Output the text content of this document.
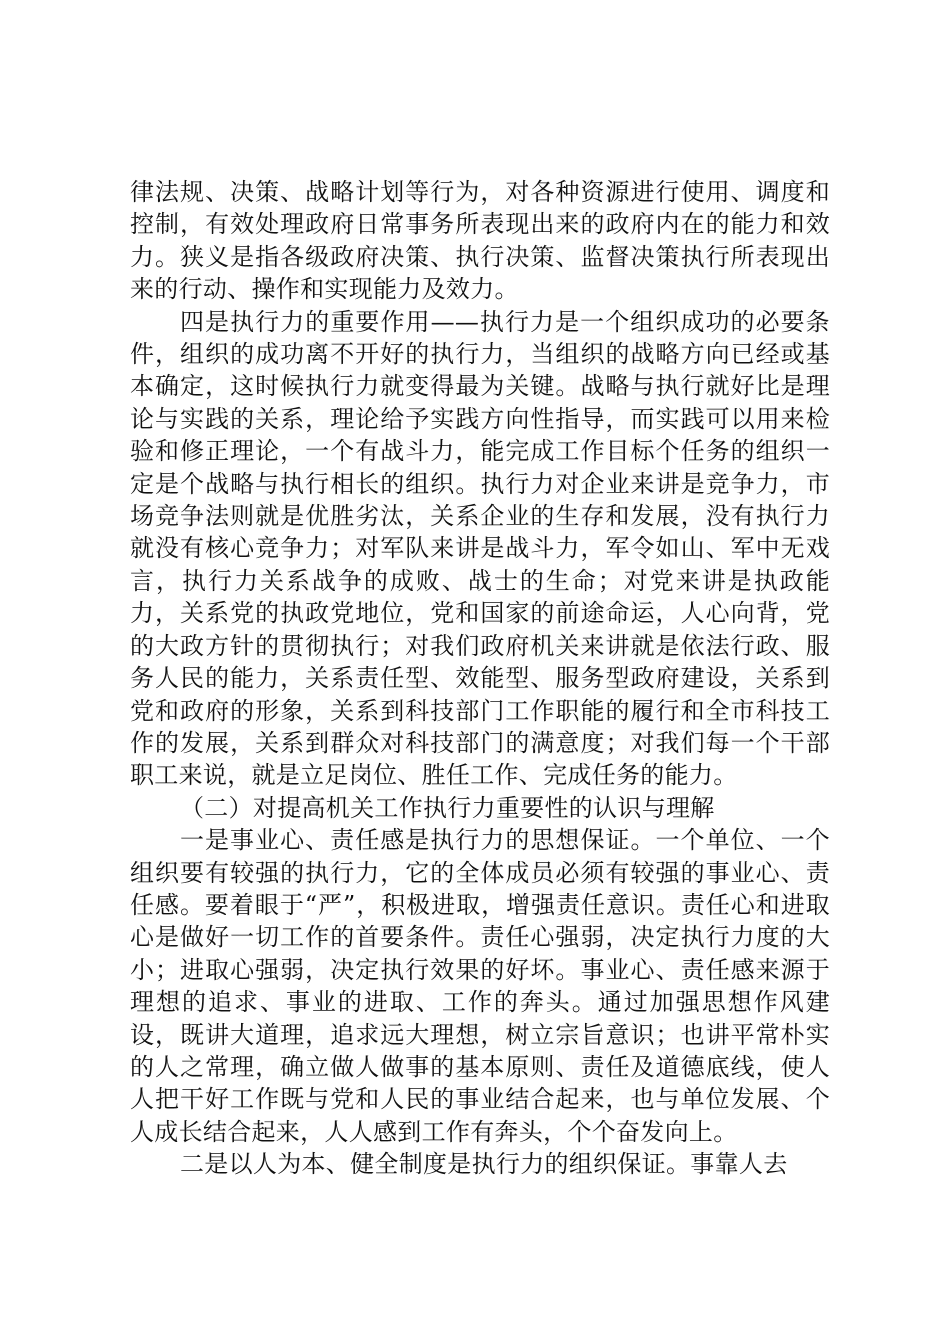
律法规、决策、战略计划等行为，对各种资源进行使用、调度和控制，有效处理政府日常事务所表现出来的政府内在的能力和效力。狭义是指各级政府决策、执行决策、监督决策执行所表现出来的行动、操作和实现能力及效力。

四是执行力的重要作用——执行力是一个组织成功的必要条件，组织的成功离不开好的执行力，当组织的战略方向已经或基本确定，这时候执行力就变得最为关键。战略与执行就好比是理论与实践的关系，理论给予实践方向性指导，而实践可以用来检验和修正理论，一个有战斗力，能完成工作目标个任务的组织一定是个战略与执行相长的组织。执行力对企业来讲是竞争力，市场竞争法则就是优胜劣汰，关系企业的生存和发展，没有执行力就没有核心竞争力；对军队来讲是战斗力，军令如山、军中无戏言，执行力关系战争的成败、战士的生命；对党来讲是执政能力，关系党的执政党地位，党和国家的前途命运，人心向背，党的大政方针的贯彻执行；对我们政府机关来讲就是依法行政、服务人民的能力，关系责任型、效能型、服务型政府建设，关系到党和政府的形象，关系到科技部门工作职能的履行和全市科技工作的发展，关系到群众对科技部门的满意度；对我们每一个干部职工来说，就是立足岗位、胜任工作、完成任务的能力。

（二）对提高机关工作执行力重要性的认识与理解

一是事业心、责任感是执行力的思想保证。一个单位、一个组织要有较强的执行力，它的全体成员必须有较强的事业心、责任感。要着眼于“严”，积极进取，增强责任意识。责任心和进取心是做好一切工作的首要条件。责任心强弱，决定执行力度的大小；进取心强弱，决定执行效果的好坏。事业心、责任感来源于理想的追求、事业的进取、工作的奔头。通过加强思想作风建设，既讲大道理，追求远大理想，树立宗旨意识；也讲平常朴实的人之常理，确立做人做事的基本原则、责任及道德底线，使人人把干好工作既与党和人民的事业结合起来，也与单位发展、个人成长结合起来，人人感到工作有奔头，个个奋发向上。

二是以人为本、健全制度是执行力的组织保证。事靠人去
